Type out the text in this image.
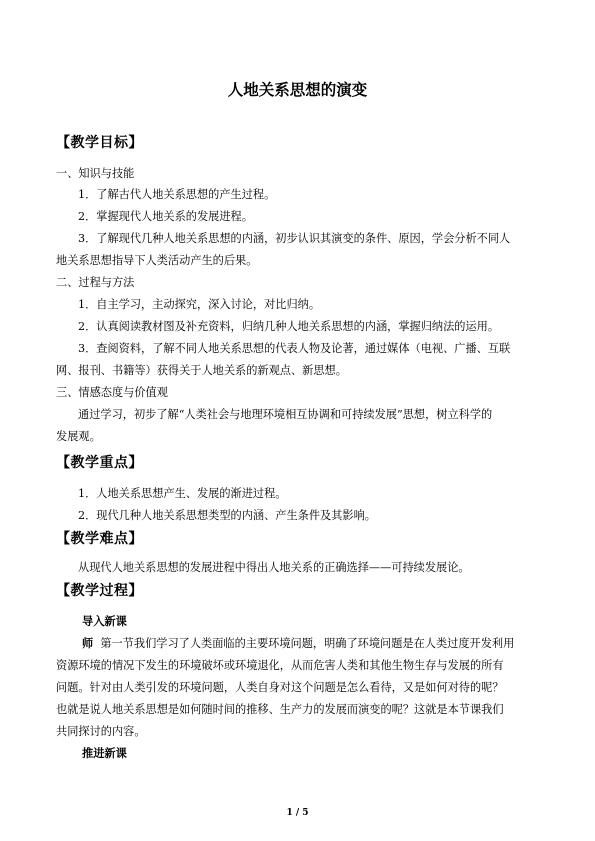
人地关系思想的演变
【教学目标】
一、知识与技能
1．了解古代人地关系思想的产生过程。
2．掌握现代人地关系的发展进程。
3．了解现代几种人地关系思想的内涵，初步认识其演变的条件、原因，学会分析不同人
地关系思想指导下人类活动产生的后果。
二、过程与方法
1．自主学习，主动探究，深入讨论，对比归纳。
2．认真阅读教材图及补充资料，归纳几种人地关系思想的内涵，掌握归纳法的运用。
3．查阅资料，了解不同人地关系思想的代表人物及论著，通过媒体（电视、广播、互联
网、报刊、书籍等）获得关于人地关系的新观点、新思想。
三、情感态度与价值观
通过学习，初步了解“人类社会与地理环境相互协调和可持续发展”思想，树立科学的
发展观。
【教学重点】
1．人地关系思想产生、发展的渐进过程。
2．现代几种人地关系思想类型的内涵、产生条件及其影响。
【教学难点】
从现代人地关系思想的发展进程中得出人地关系的正确选择——可持续发展论。
【教学过程】
导入新课
师 第一节我们学习了人类面临的主要环境问题，明确了环境问题是在人类过度开发利用
资源环境的情况下发生的环境破坏或环境退化，从而危害人类和其他生物生存与发展的所有
问题。针对由人类引发的环境问题，人类自身对这个问题是怎么看待，又是如何对待的呢？
也就是说人地关系思想是如何随时间的推移、生产力的发展而演变的呢？这就是本节课我们
共同探讨的内容。
推进新课
1 / 5
